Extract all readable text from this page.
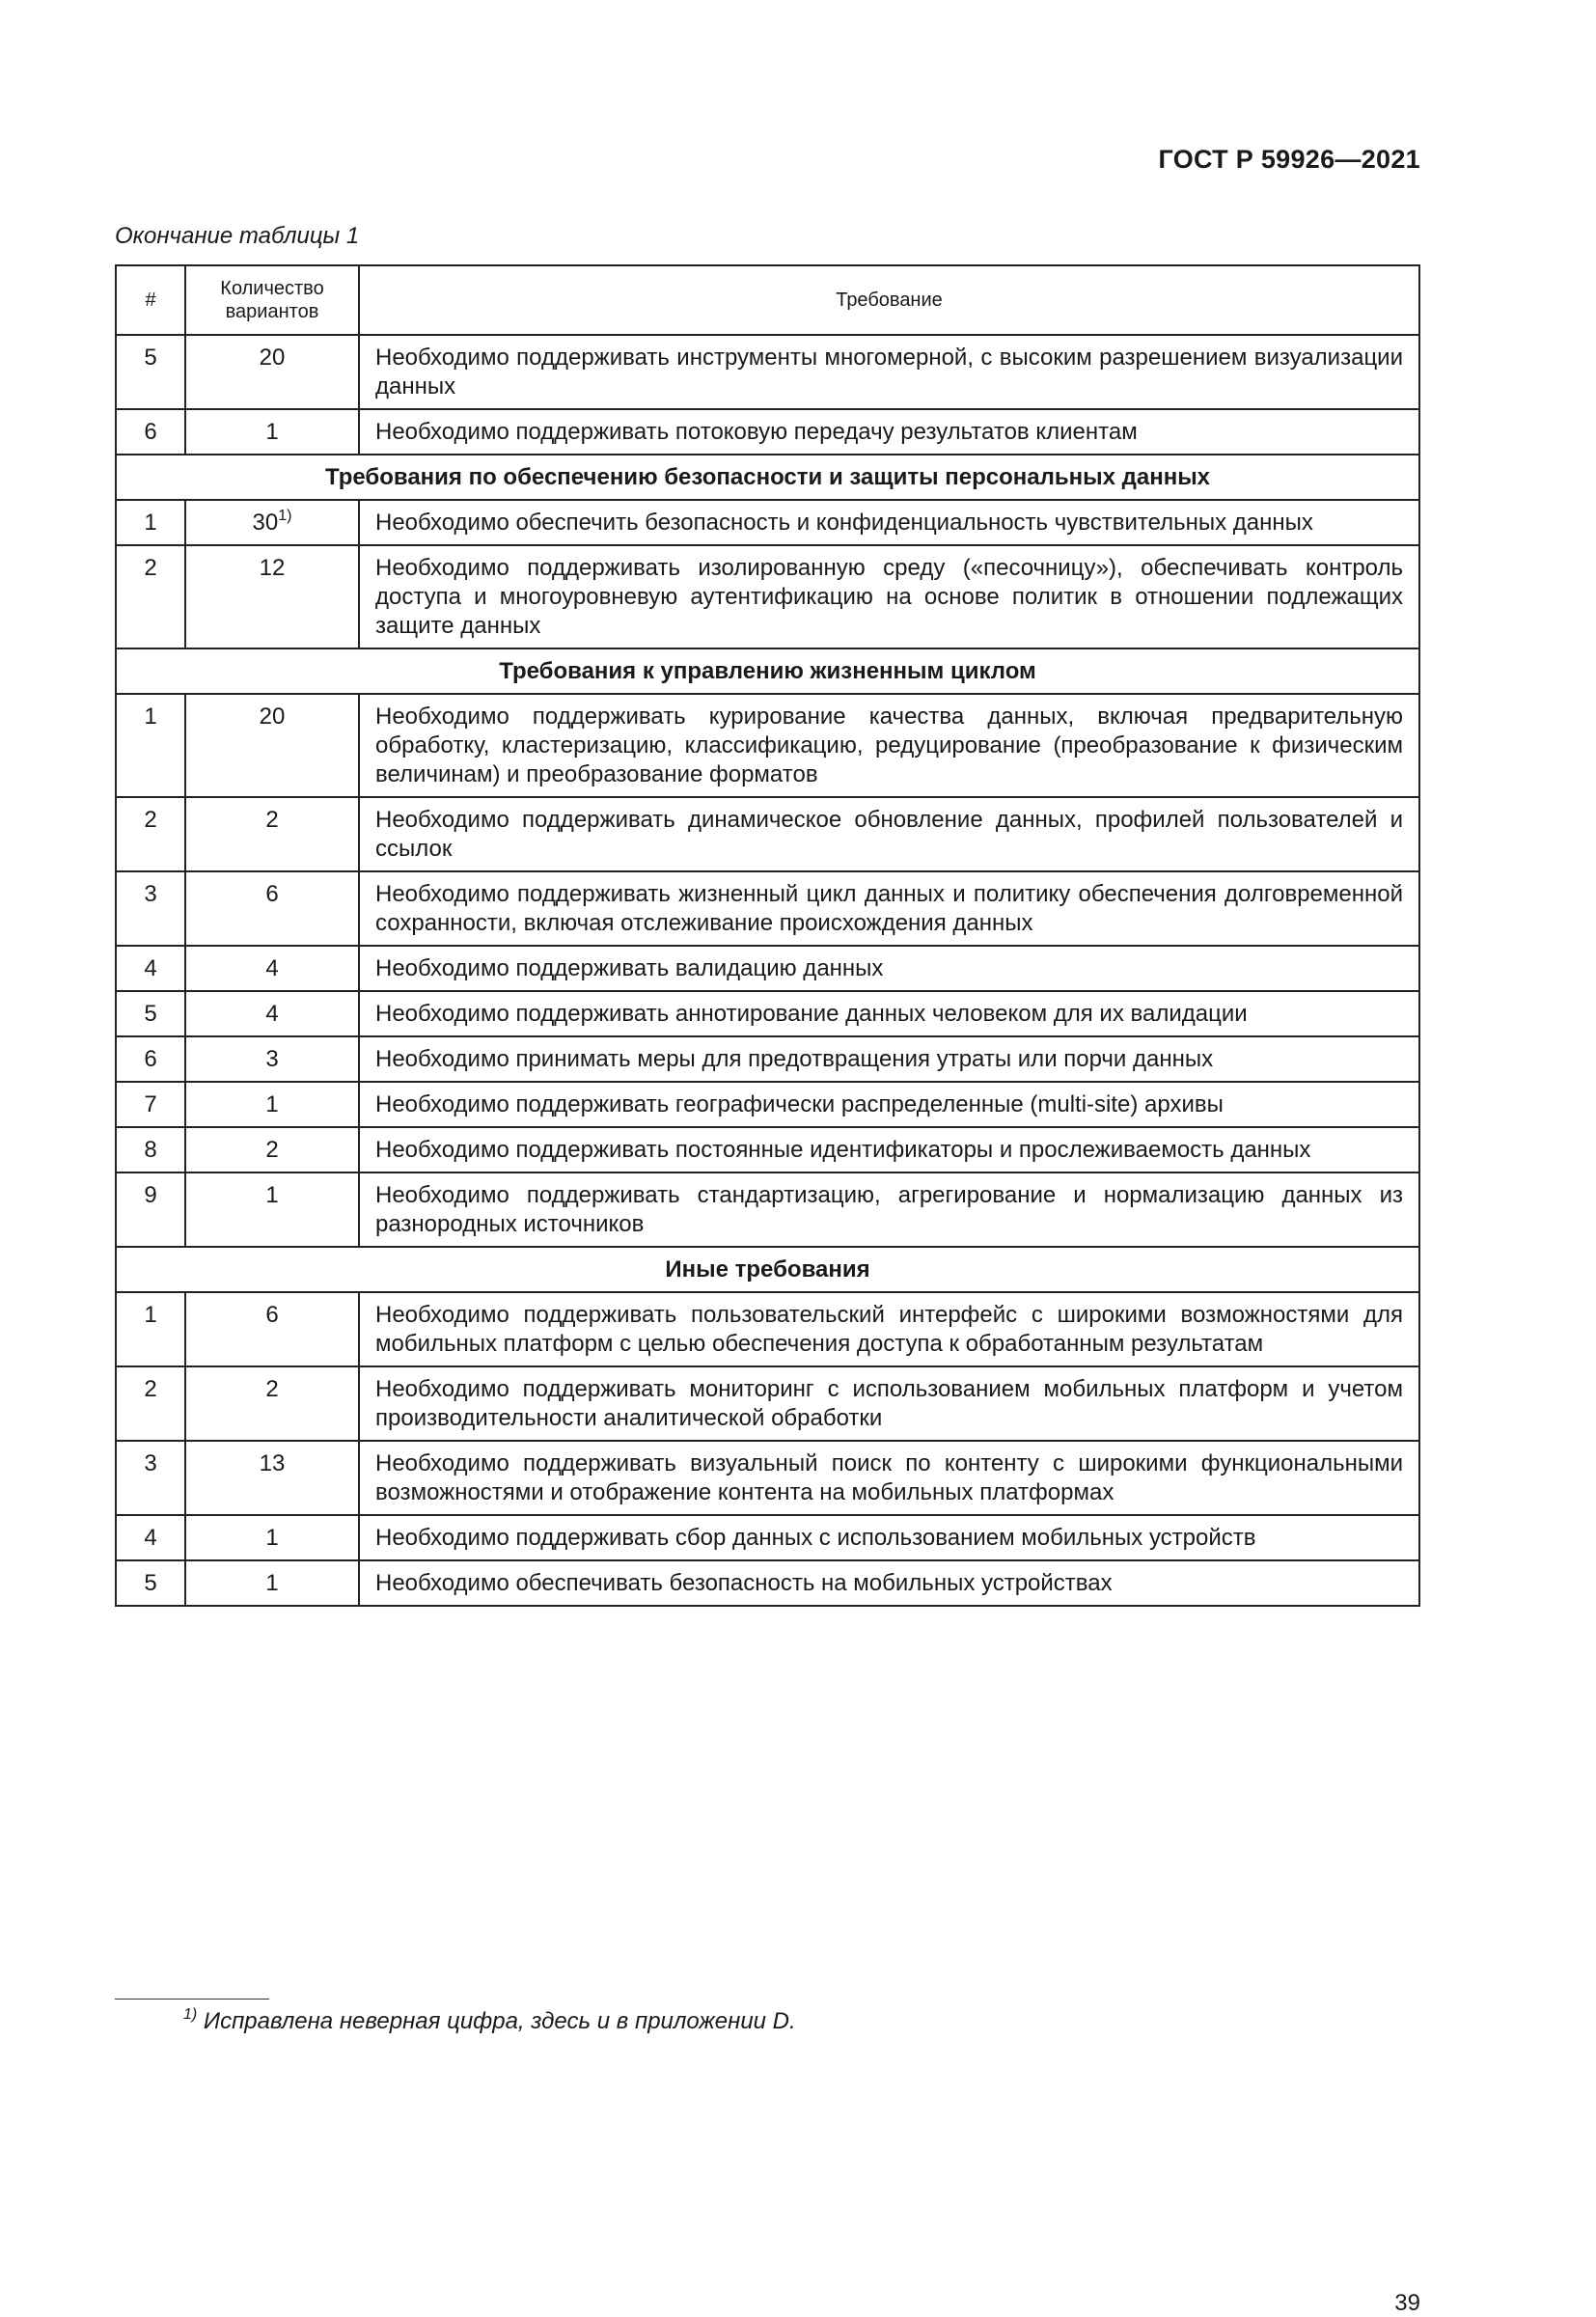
ГОСТ Р 59926—2021
Окончание таблицы 1
#	Количество вариантов	Требование
5	20	Необходимо поддерживать инструменты многомерной, с высоким разрешением визуализации данных
6	1	Необходимо поддерживать потоковую передачу результатов клиентам
Требования по обеспечению безопасности и защиты персональных данных		
1	30$^{1)}$	Необходимо обеспечить безопасность и конфиденциальность чувствительных данных
2	12	Необходимо поддерживать изолированную среду («песочницу»), обеспечивать контроль доступа и многоуровневую аутентификацию на основе политик в отношении подлежащих защите данных
Требования к управлению жизненным циклом		
1	20	Необходимо поддерживать курирование качества данных, включая предварительную обработку, кластеризацию, классификацию, редуцирование (преобразование к физическим величинам) и преобразование форматов
2	2	Необходимо поддерживать динамическое обновление данных, профилей пользователей и ссылок
3	6	Необходимо поддерживать жизненный цикл данных и политику обеспечения долговременной сохранности, включая отслеживание происхождения данных
4	4	Необходимо поддерживать валидацию данных
5	4	Необходимо поддерживать аннотирование данных человеком для их валидации
6	3	Необходимо принимать меры для предотвращения утраты или порчи данных
7	1	Необходимо поддерживать географически распределенные (multi-site) архивы
8	2	Необходимо поддерживать постоянные идентификаторы и прослеживаемость данных
9	1	Необходимо поддерживать стандартизацию, агрегирование и нормализацию данных из разнородных источников
Иные требования		
1	6	Необходимо поддерживать пользовательский интерфейс с широкими возможностями для мобильных платформ с целью обеспечения доступа к обработанным результатам
2	2	Необходимо поддерживать мониторинг с использованием мобильных платформ и учетом производительности аналитической обработки
3	13	Необходимо поддерживать визуальный поиск по контенту с широкими функциональными возможностями и отображение контента на мобильных платформах
4	1	Необходимо поддерживать сбор данных с использованием мобильных устройств
5	1	Необходимо обеспечивать безопасность на мобильных устройствах
$^{1)}$ Исправлена неверная цифра, здесь и в приложении D.
39
